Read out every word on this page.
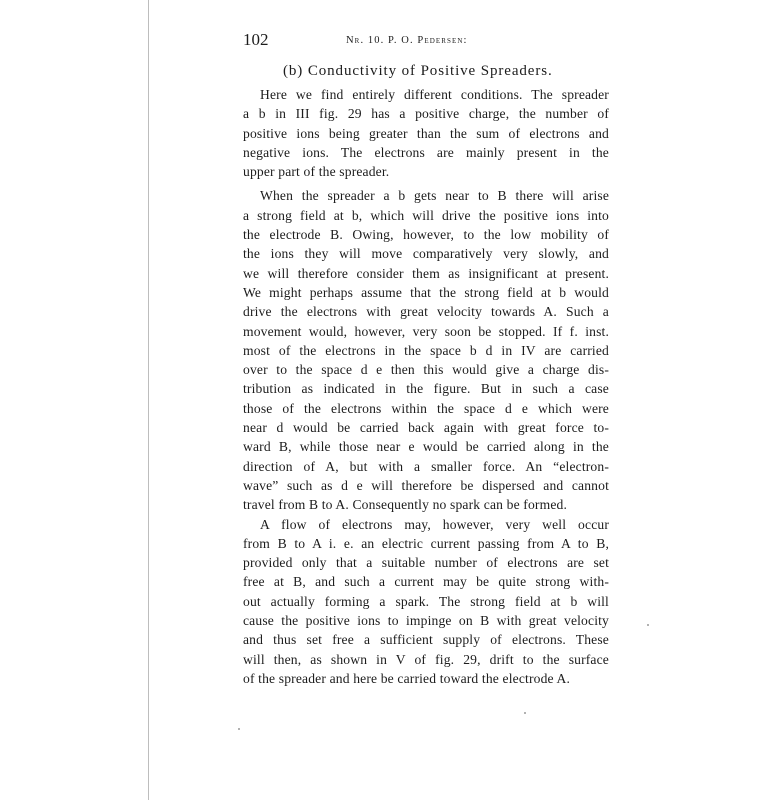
102	Nr. 10. P. O. Pedersen:
(b) Conductivity of Positive Spreaders.

Here we find entirely different conditions. The spreader
a b in III fig. 29 has a positive charge, the number of
positive ions being greater than the sum of electrons and
negative ions. The electrons are mainly present in the
upper part of the spreader.

When the spreader a b gets near to B there will arise
a strong field at b, which will drive the positive ions into
the electrode B. Owing, however, to the low mobility of
the ions they will move comparatively very slowly, and
we will therefore consider them as insignificant at present.
We might perhaps assume that the strong field at b would
drive the electrons with great velocity towards A. Such a
movement would, however, very soon be stopped. If f. inst.
most of the electrons in the space b d in IV are carried
over to the space d e then this would give a charge dis-
tribution as indicated in the figure. But in such a case
those of the electrons within the space d e which were
near d would be carried back again with great force to-
ward B, while those near e would be carried along in the
direction of A, but with a smaller force. An “electron-
wave” such as d e will therefore be dispersed and cannot
travel from B to A. Consequently no spark can be formed.

A flow of electrons may, however, very well occur
from B to A i. e. an electric current passing from A to B,
provided only that a suitable number of electrons are set
free at B, and such a current may be quite strong with-
out actually forming a spark. The strong field at b will
cause the positive ions to impinge on B with great velocity
and thus set free a sufficient supply of electrons. These
will then, as shown in V of fig. 29, drift to the surface
of the spreader and here be carried toward the electrode A.
